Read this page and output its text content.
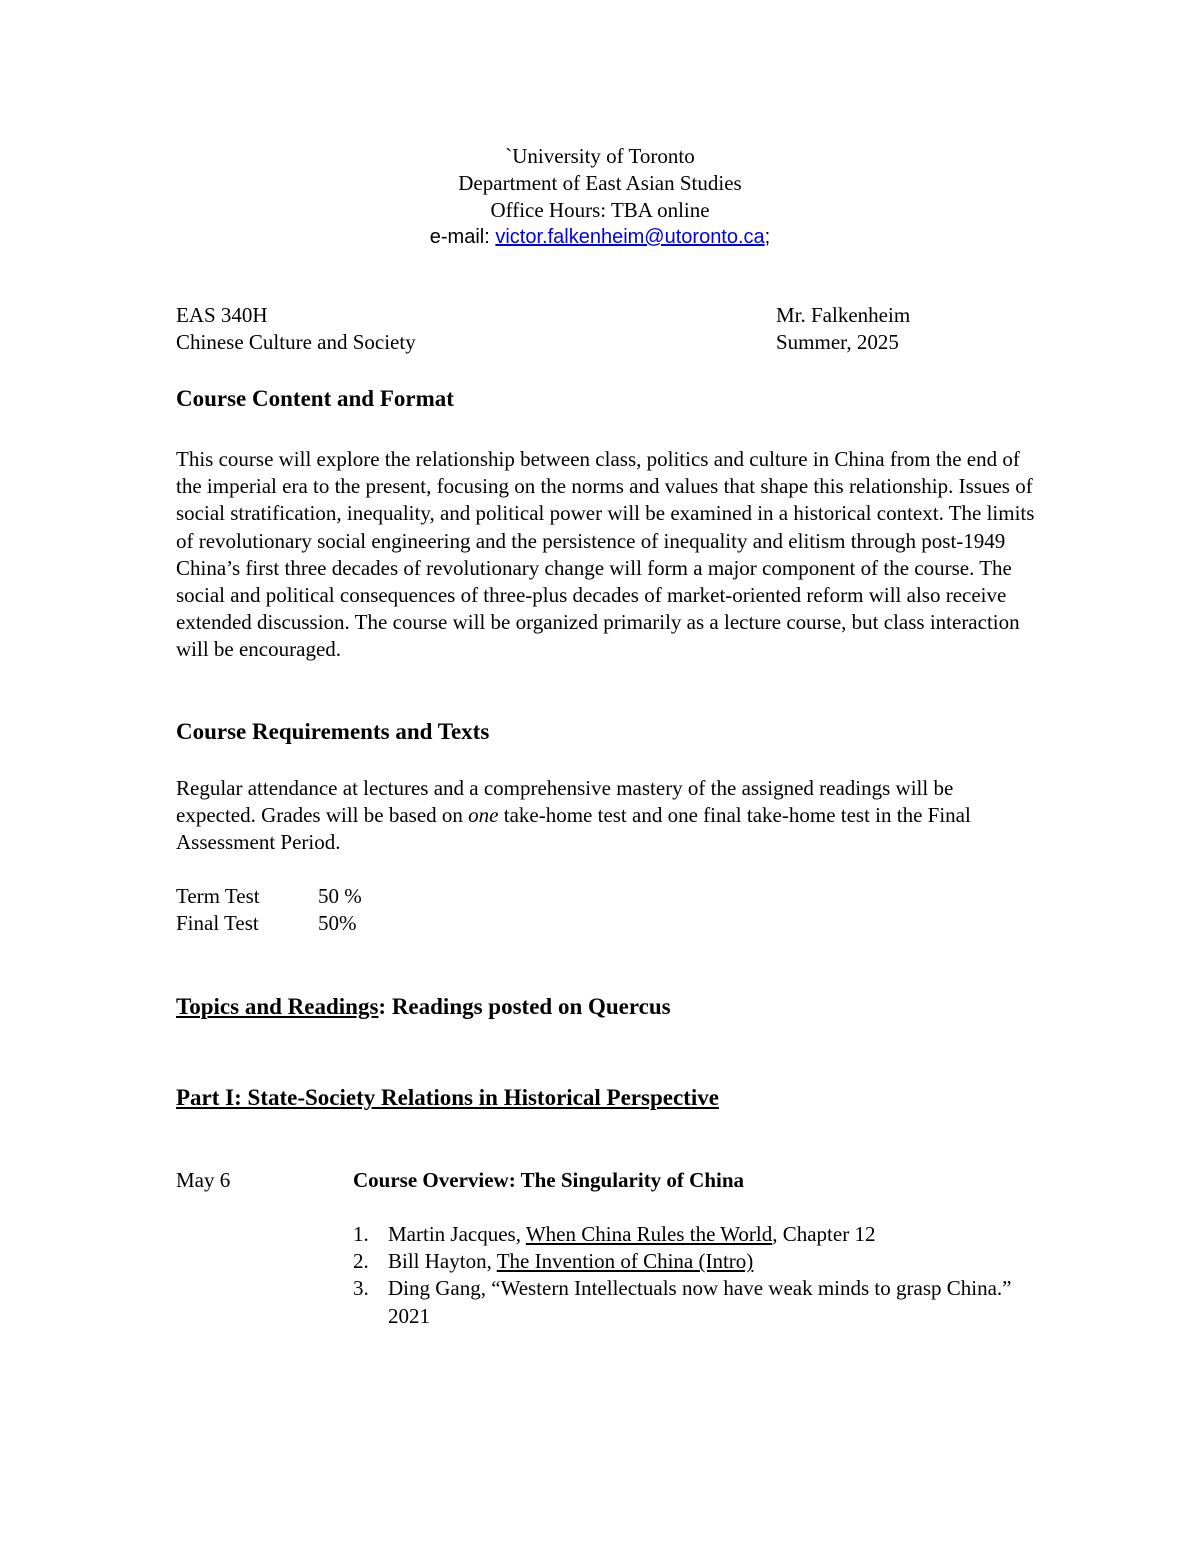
`University of Toronto
Department of East Asian Studies
Office Hours: TBA online
e-mail: victor.falkenheim@utoronto.ca;
EAS 340H	Mr. Falkenheim
Chinese Culture and Society	Summer, 2025
Course Content and Format
This course will explore the relationship between class, politics and culture in China from the end of the imperial era to the present, focusing on the norms and values that shape this relationship. Issues of social stratification, inequality, and political power will be examined in a historical context. The limits of revolutionary social engineering and the persistence of inequality and elitism through post-1949 China’s first three decades of revolutionary change will form a major component of the course. The social and political consequences of three-plus decades of market-oriented reform will also receive extended discussion. The course will be organized primarily as a lecture course, but class interaction will be encouraged.
Course Requirements and Texts
Regular attendance at lectures and a comprehensive mastery of the assigned readings will be expected. Grades will be based on one take-home test and one final take-home test in the Final Assessment Period.
Term Test	50 %
Final Test	50%
Topics and Readings: Readings posted on Quercus
Part I: State-Society Relations in Historical Perspective
May 6	Course Overview: The Singularity of China
1. Martin Jacques, When China Rules the World, Chapter 12
2. Bill Hayton, The Invention of China (Intro)
3. Ding Gang, “Western Intellectuals now have weak minds to grasp China.” 2021
